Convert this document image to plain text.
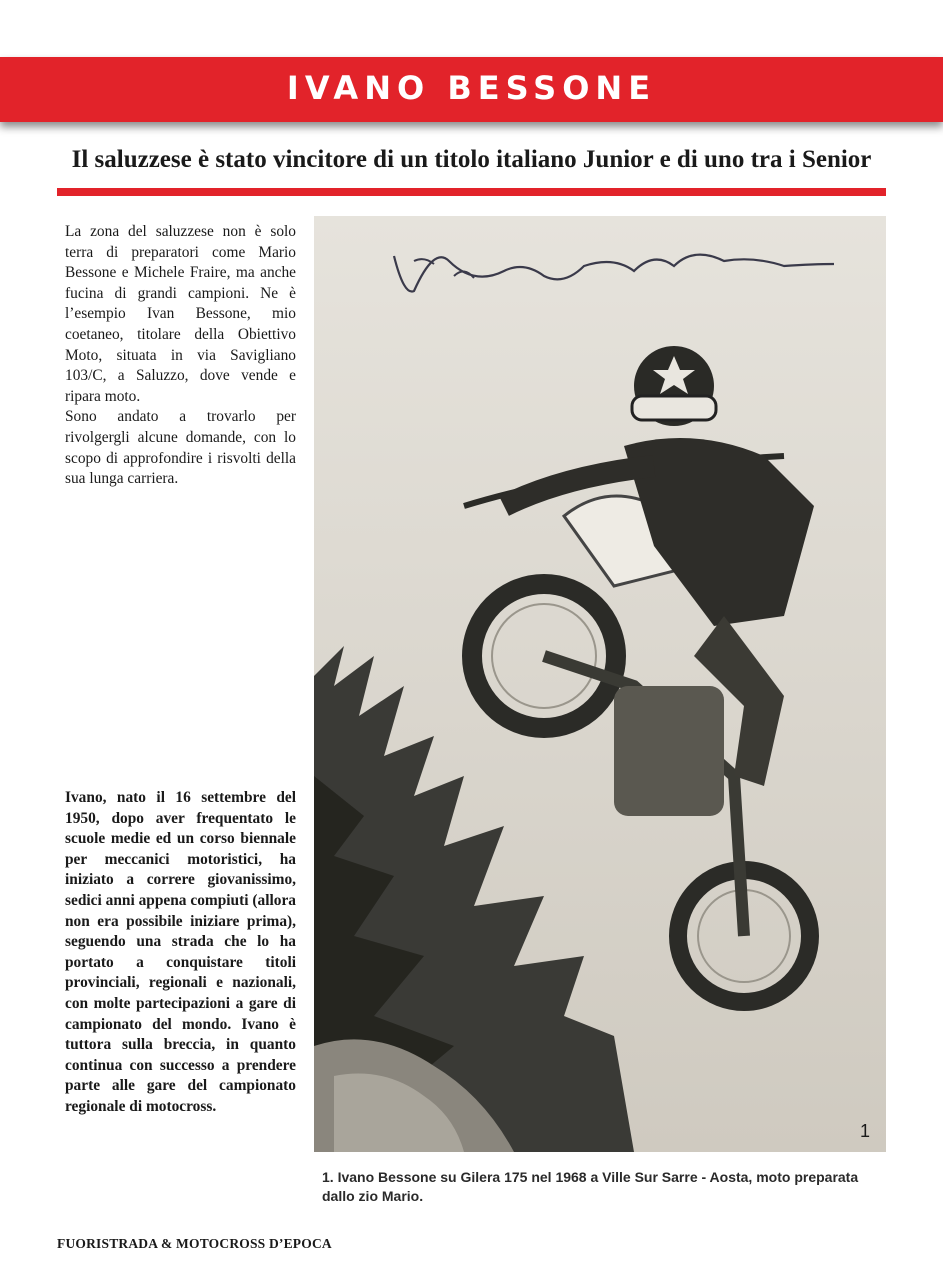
IVANO BESSONE
Il saluzzese è stato vincitore di un titolo italiano Junior e di uno tra i Senior

La zona del saluzzese non è solo terra di preparatori come Mario Bessone e Michele Fraire, ma anche fucina di grandi campioni. Ne è l’esempio Ivan Bessone, mio coetaneo, titolare della Obiettivo Moto, situata in via Savigliano 103/C, a Saluzzo, dove vende e ripara moto.
Sono andato a trovarlo per rivolgergli alcune domande, con lo scopo di approfondire i risvolti della sua lunga carriera.

1

Ivano, nato il 16 settembre del 1950, dopo aver frequentato le scuole medie ed un corso biennale per meccanici motoristici, ha iniziato a correre giovanissimo, sedici anni appena compiuti (allora non era possibile iniziare prima), seguendo una strada che lo ha portato a conquistare titoli provinciali, regionali e nazionali, con molte partecipazioni a gare di campionato del mondo. Ivano è tuttora sulla breccia, in quanto continua con successo a prendere parte alle gare del campionato regionale di motocross.

1. Ivano Bessone su Gilera 175 nel 1968 a Ville Sur Sarre - Aosta, moto preparata dallo zio Mario.

FUORISTRADA & MOTOCROSS D’EPOCA
